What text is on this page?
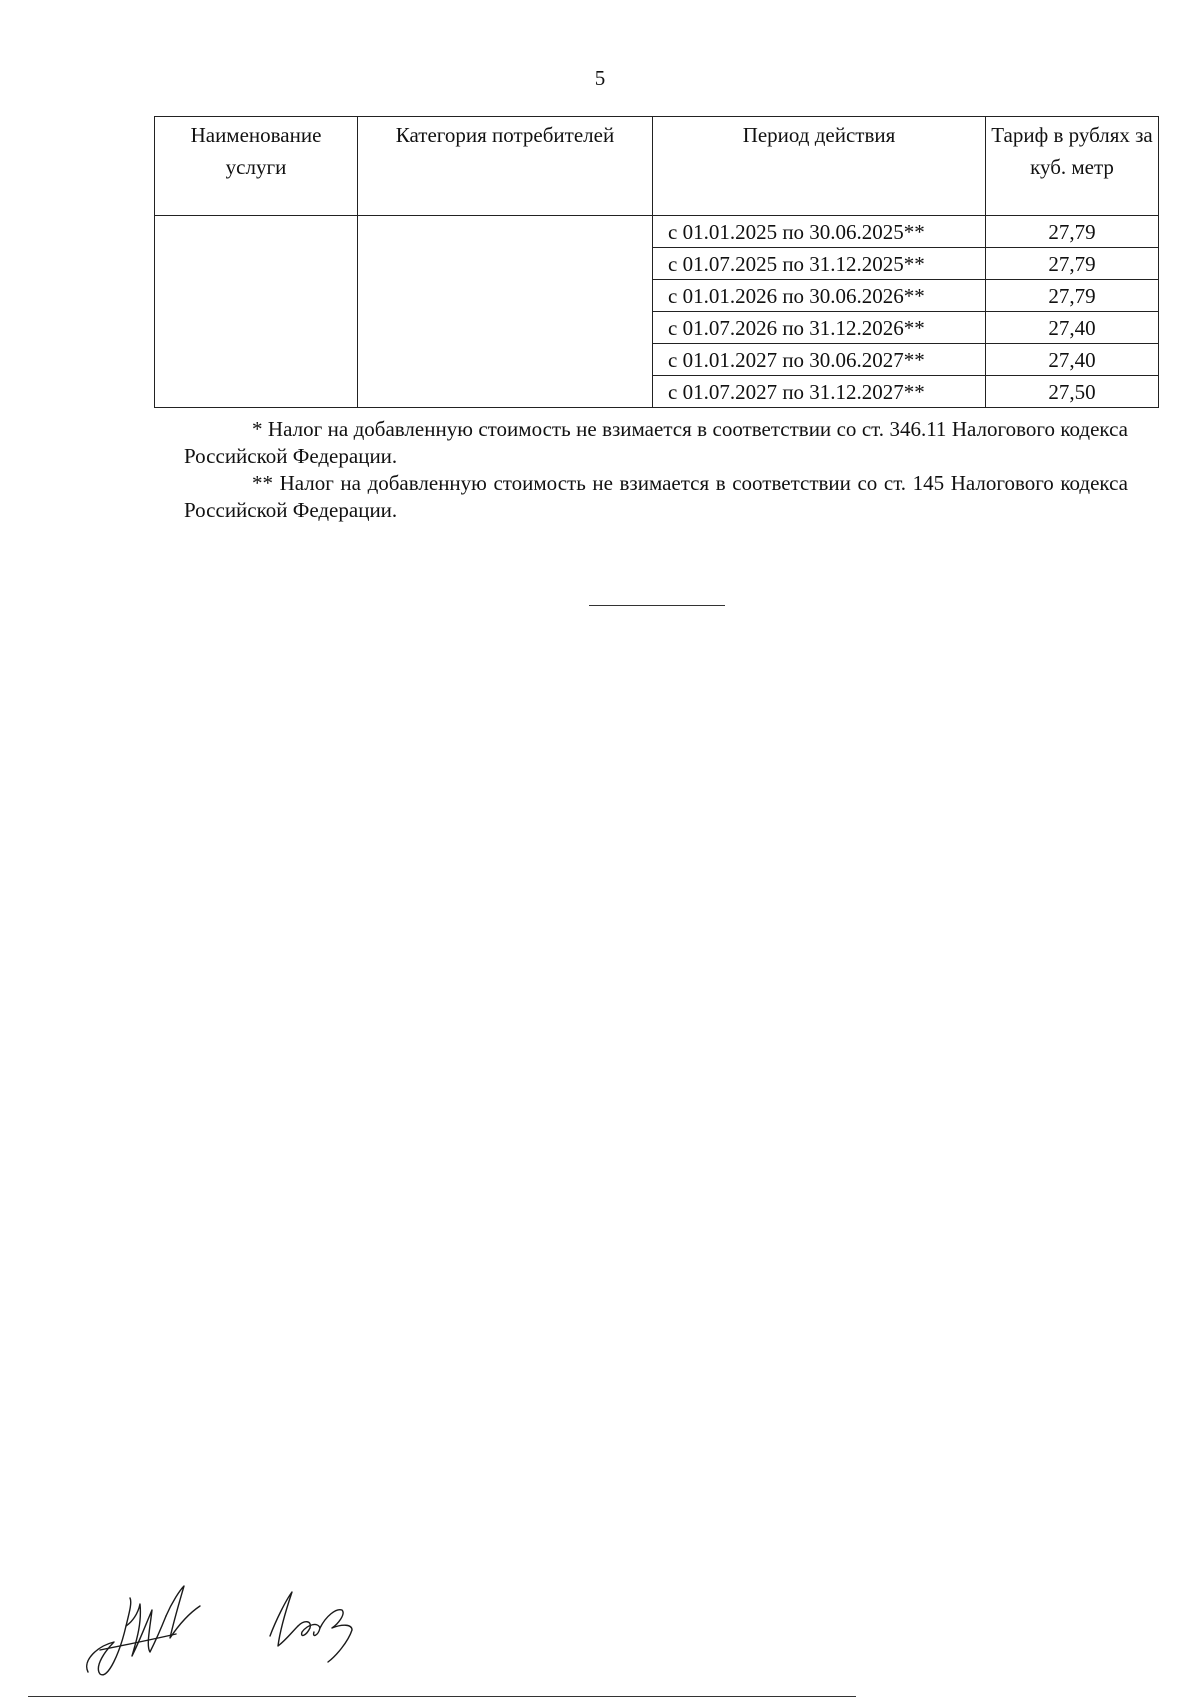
5
Наименование услуги	Категория потребителей	Период действия	Тариф в рублях за куб. метр
		с 01.01.2025 по 30.06.2025**	27,79
		с 01.07.2025 по 31.12.2025**	27,79
		с 01.01.2026 по 30.06.2026**	27,79
		с 01.07.2026 по 31.12.2026**	27,40
		с 01.01.2027 по 30.06.2027**	27,40
		с 01.07.2027 по 31.12.2027**	27,50

* Налог на добавленную стоимость не взимается в соответствии со ст. 346.11 Налогового кодекса Российской Федерации.

** Налог на добавленную стоимость не взимается в соответствии со ст. 145 Налогового кодекса Российской Федерации.
